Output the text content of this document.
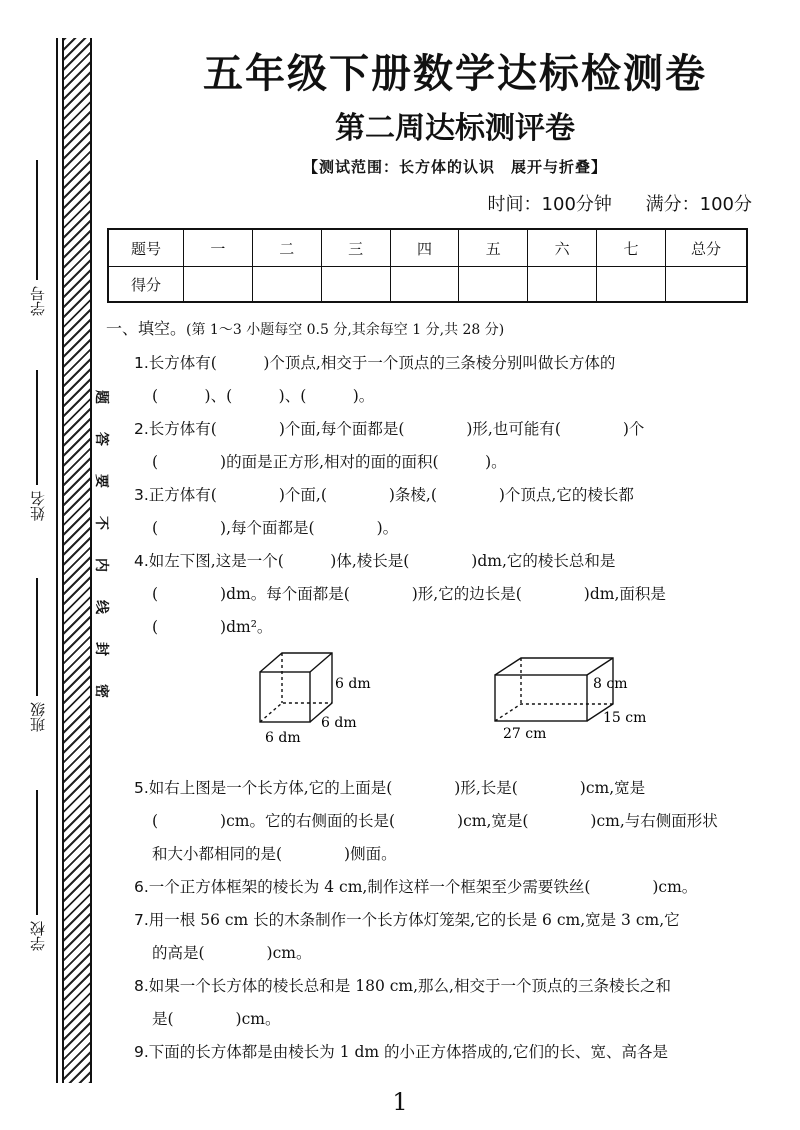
学号
姓名
班级
学校
题
答
要
不
内
线
封
密
五年级下册数学达标检测卷
第二周达标测评卷
【测试范围：长方体的认识　展开与折叠】
时间：100分钟 满分：100分
题号	一	二	三	四	五	六	七	总分
得分								
一、填空。(第 1～3 小题每空 0.5 分,其余每空 1 分,共 28 分)
1.长方体有(　　　)个顶点,相交于一个顶点的三条棱分别叫做长方体的
(　　　)、(　　　)、(　　　)。
2.长方体有(　　　　)个面,每个面都是(　　　　)形,也可能有(　　　　)个
(　　　　)的面是正方形,相对的面的面积(　　　)。
3.正方体有(　　　　)个面,(　　　　)条棱,(　　　　)个顶点,它的棱长都
(　　　　),每个面都是(　　　　)。
4.如左下图,这是一个(　　　)体,棱长是(　　　　)dm,它的棱长总和是
(　　　　)dm。每个面都是(　　　　)形,它的边长是(　　　　)dm,面积是
(　　　　)dm²。
5.如右上图是一个长方体,它的上面是(　　　　)形,长是(　　　　)cm,宽是
(　　　　)cm。它的右侧面的长是(　　　　)cm,宽是(　　　　)cm,与右侧面形状
和大小都相同的是(　　　　)侧面。
6.一个正方体框架的棱长为 4 cm,制作这样一个框架至少需要铁丝(　　　　)cm。
7.用一根 56 cm 长的木条制作一个长方体灯笼架,它的长是 6 cm,宽是 3 cm,它
的高是(　　　　)cm。
8.如果一个长方体的棱长总和是 180 cm,那么,相交于一个顶点的三条棱长之和
是(　　　　)cm。
9.下面的长方体都是由棱长为 1 dm 的小正方体搭成的,它们的长、宽、高各是
6 dm
6 dm
6 dm
8 cm
15 cm
27 cm
1
